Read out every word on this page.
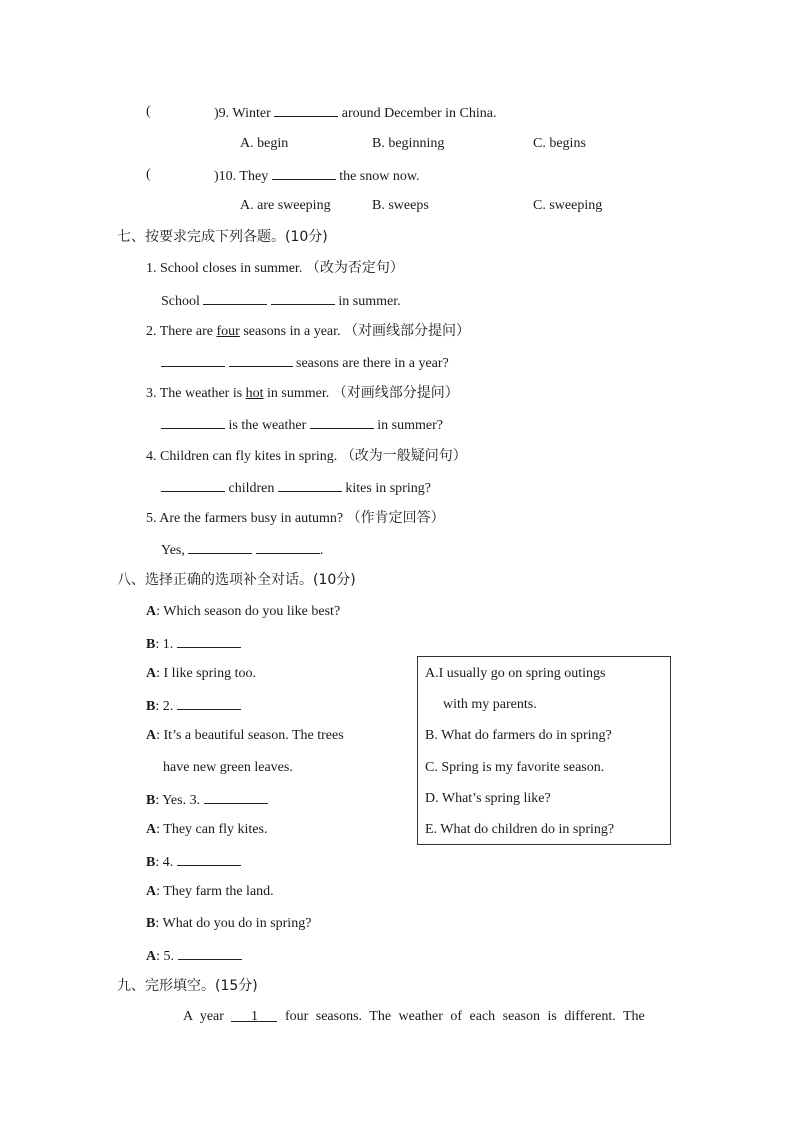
(	)9. Winter	around December in China.
A. begin	B. beginning	C. begins
(	)10. They	the snow now.
A. are sweeping	B. sweeps	C. sweeping
七、按要求完成下列各题。(10分)
1. School closes in summer. （改为否定句）
School	in summer.
2. There are four seasons in a year. （对画线部分提问）
seasons are there in a year?
3. The weather is hot in summer. （对画线部分提问）
is the weather	in summer?
4. Children can fly kites in spring. （改为一般疑问句）
children	kites in spring?
5. Are the farmers busy in autumn? （作肯定回答）
Yes,	.
八、选择正确的选项补全对话。(10分)
A: Which season do you like best?
B: 1.
A: I like spring too.
B: 2.
A: It’s a beautiful season. The trees
have new green leaves.
B: Yes. 3.
A: They can fly kites.
B: 4.
A: They farm the land.
B: What do you do in spring?
A: 5.
A.I usually go on spring outings
with my parents.
B. What do farmers do in spring?
C. Spring is my favorite season.
D. What’s spring like?
E. What do children do in spring?
九、完形填空。(15分)
A year 1 four seasons. The weather of each season is different. The
